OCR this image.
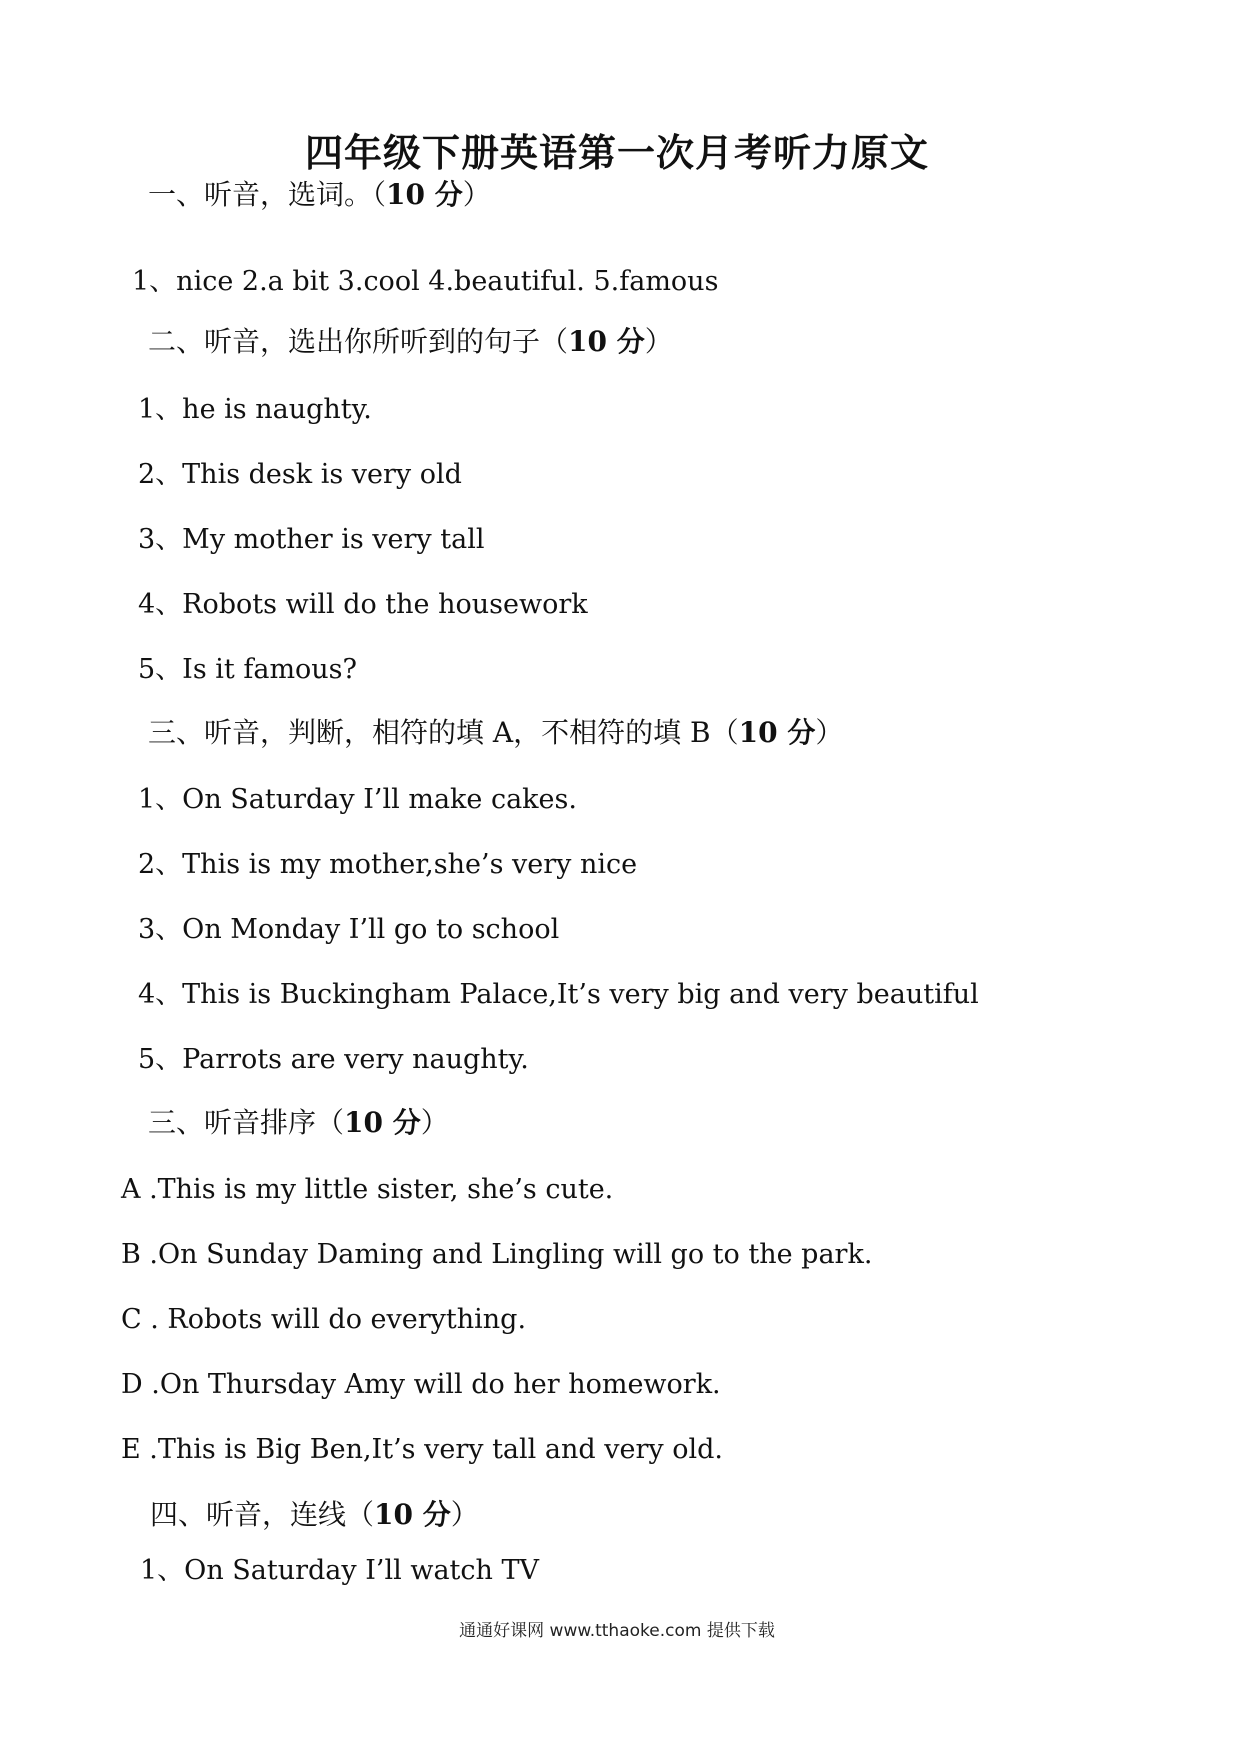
四年级下册英语第一次月考听力原文
一、听音，选词。（10 分）
1、nice 2.a bit 3.cool 4.beautiful. 5.famous
二、听音，选出你所听到的句子（10 分）
1、he is naughty.
2、This desk is very old
3、My mother is very tall
4、Robots will do the housework
5、Is it famous?
三、听音，判断，相符的填 A，不相符的填 B（10 分）
1、On Saturday I’ll make cakes.
2、This is my mother,she’s very nice
3、On Monday I’ll go to school
4、This is Buckingham Palace,It’s very big and very beautiful
5、Parrots are very naughty.
三、听音排序（10 分）
A .This is my little sister, she’s cute.
B .On Sunday Daming and Lingling will go to the park.
C . Robots will do everything.
D .On Thursday Amy will do her homework.
E .This is Big Ben,It’s very tall and very old.
四、听音，连线（10 分）
1、On Saturday I’ll watch TV
通通好课网 www.tthaoke.com 提供下载
